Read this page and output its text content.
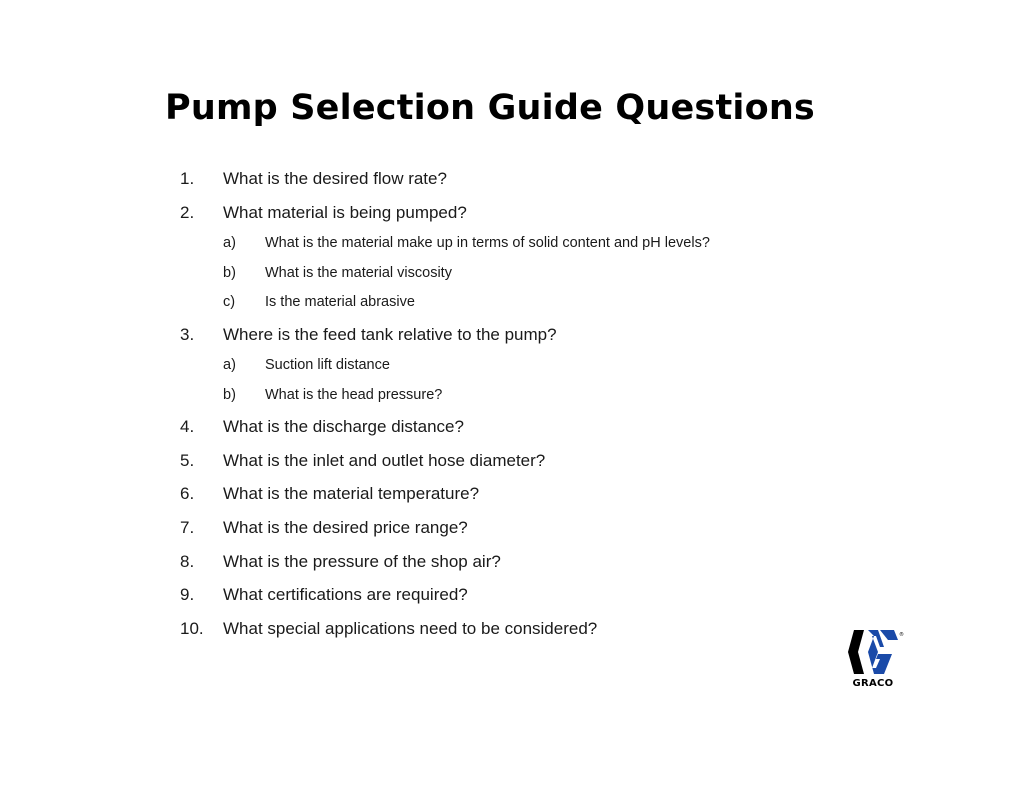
Pump Selection Guide Questions
1. What is the desired flow rate?
2. What material is being pumped?
a) What is the material make up in terms of solid content and pH levels?
b) What is the material viscosity
c) Is the material abrasive
3. Where is the feed tank relative to the pump?
a) Suction lift distance
b) What is the head pressure?
4. What is the discharge distance?
5. What is the inlet and outlet hose diameter?
6. What is the material temperature?
7. What is the desired price range?
8. What is the pressure of the shop air?
9. What certifications are required?
10. What special applications need to be considered?	®
GRACO
